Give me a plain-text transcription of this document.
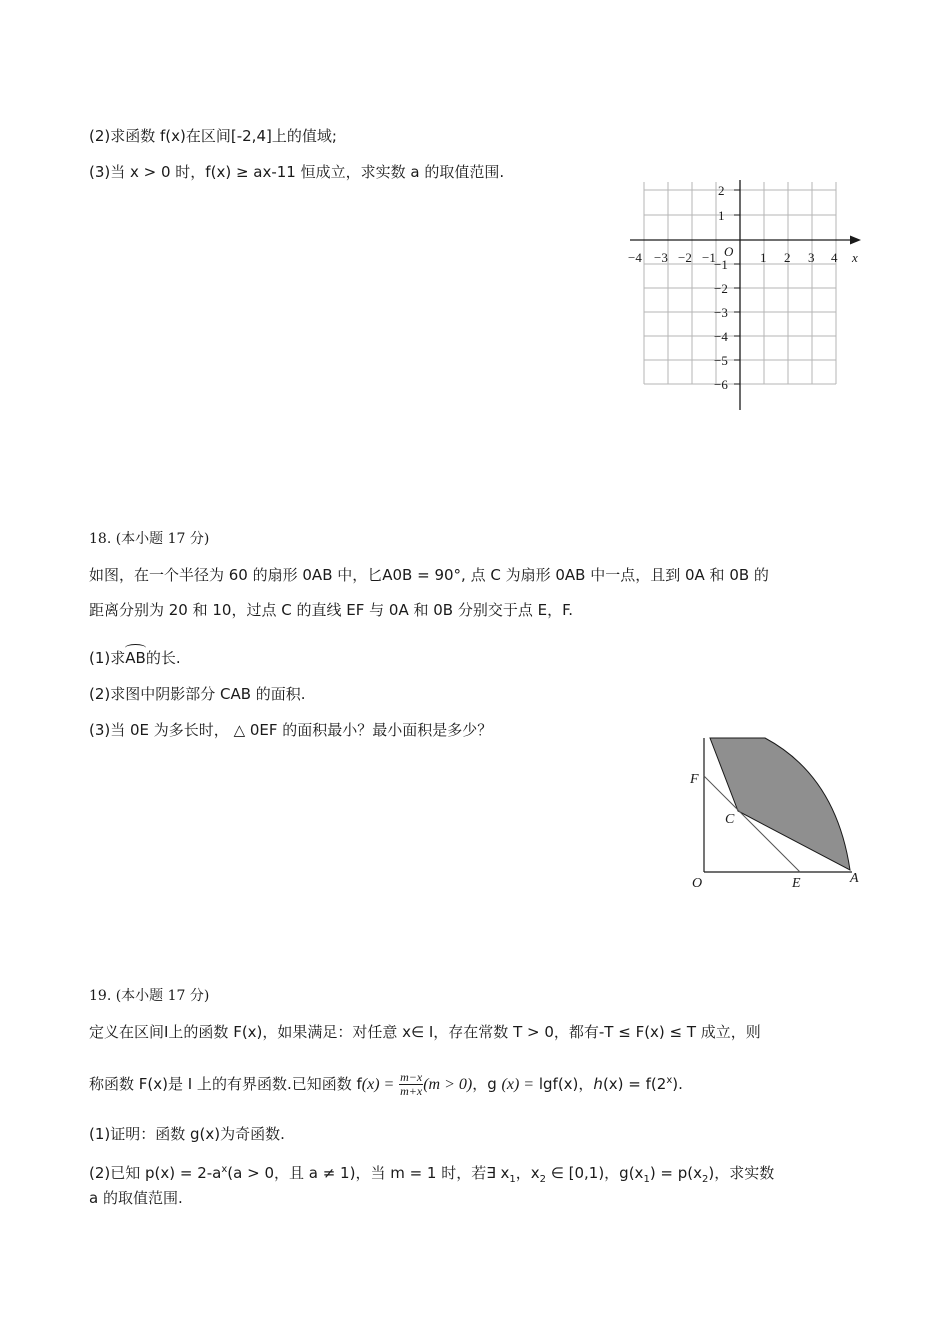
(2)求函数 f(x)在区间[-2,4]上的值域;
(3)当 x > 0 时，f(x) ≥ ax-11 恒成立，求实数 a 的取值范围.
x
O
−4 −3 −2 −1	1 2 3 4
2
1
−1
−2
−3
−4
−5
−6
18. (本小题 17 分)
如图，在一个半径为 60 的扇形 0AB 中，匕A0B = 90°, 点 C 为扇形 0AB 中一点，且到 0A 和 0B 的
距离分别为 20 和 10，过点 C 的直线 EF 与 0A 和 0B 分别交于点 E，F.
(1)求AB的长.
(2)求图中阴影部分 CAB 的面积.
(3)当 0E 为多长时， △ 0EF 的面积最小？最小面积是多少？
F
C
O	E	A
19. (本小题 17 分)
定义在区间I上的函数 F(x)，如果满足：对任意 x∈ I，存在常数 T > 0，都有-T ≤ F(x) ≤ T 成立，则
称函数 F(x)是 I 上的有界函数.已知函数 $f(x) = \frac{m-x}{m+x} (m > 0)$，g (x) = lgf(x)，$h(x) = f(2^x)$.
(1)证明：函数 g(x)为奇函数.
(2)已知 $p(x) = 2-a^x(a > 0$，且 a ≠ 1)，当 m = 1 时，若∃ $x_1$，$x_2$ ∈ [0,1)，$g(x_1) = p(x_2)$，求实数
a 的取值范围.
